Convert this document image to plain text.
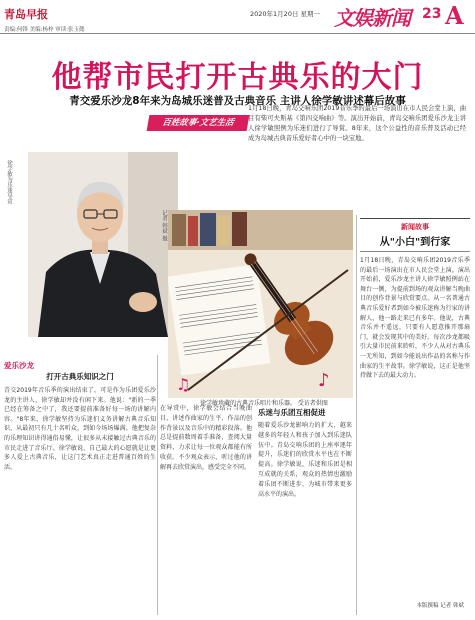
青岛早报
责编:何锋 美编:杨梓 审读:张玉懿
2020年1月20日 星期一 文娱新闻 23 A
他帮市民打开古典乐的大门
青交爱乐沙龙8年来为岛城乐迷普及古典音乐 主讲人徐学敏讲述幕后故事
百姓故事·文艺生活
1月18日晚，青岛交响乐团2019音乐季的最后一场演出在市人民会堂上演，曲目有柴可夫斯基《第四交响曲》等。演出开始前，青岛交响乐团爱乐沙龙主讲人徐学敏照例为乐迷们进行了导赏。8年来，这个公益性的音乐普及活动已经成为岛城古典音乐爱好者心中的一块宝地。
徐学敏为乐迷导赏
记者 韩斌 摄
♪
♫
徐学敏珍藏的古典音乐唱片和乐器。 受访者供图
新闻故事
从"小白"到行家
1月18日晚，青岛交响乐团2019音乐季的最后一场演出在市人民会堂上演。演出开始前，爱乐沙龙主讲人徐学敏照例站在舞台一侧，为提前到场的观众讲解当晚曲目的创作背景与欣赏要点。从一名普通古典音乐爱好者到如今被乐迷称为行家的讲解人，他一路走来已有多年。他说，古典音乐并不遥远，只要有人愿意推开那扇门，就会发现其中的美好。每次沙龙都吸引大量市民前来聆听，不少人从对古典乐一无所知，到如今能说出作品的名称与作曲家的生平故事。徐学敏说，这正是他坚持做下去的最大动力。
本版撰稿 记者 韩斌
爱乐沙龙
打开古典乐知识之门
青交2019年音乐季的演出结束了，可是作为乐团爱乐沙龙的主讲人，徐学敏却并没有闲下来。他说："新的一季已经在筹备之中了，我还要提前准备好每一场的讲解内容。"8年来，徐学敏坚持为乐迷们义务讲解古典音乐知识，从最初只有几十名听众，到如今场场爆满。他把复杂的乐理知识讲得通俗易懂，让很多从未接触过古典音乐的市民走进了音乐厅。徐学敏说，自己最大的心愿就是让更多人爱上古典音乐，让这门艺术真正走进普通百姓的生活。
在导赏中，徐学敏会结合当晚曲目，讲述作曲家的生平、作品的创作背景以及音乐中的精彩段落。他总是提前数周着手准备，查阅大量资料，力求让每一位观众都能有所收获。不少观众表示，听过他的讲解再去欣赏演出，感受完全不同。
乐迷与乐团互相促进
随着爱乐沙龙影响力的扩大，越来越多的年轻人和孩子加入到乐迷队伍中。青岛交响乐团的上座率逐年提升，乐迷们的欣赏水平也在不断提高。徐学敏说，乐迷和乐团是相互成就的关系，观众的热情也激励着乐团不断进步，为城市带来更多高水平的演出。
